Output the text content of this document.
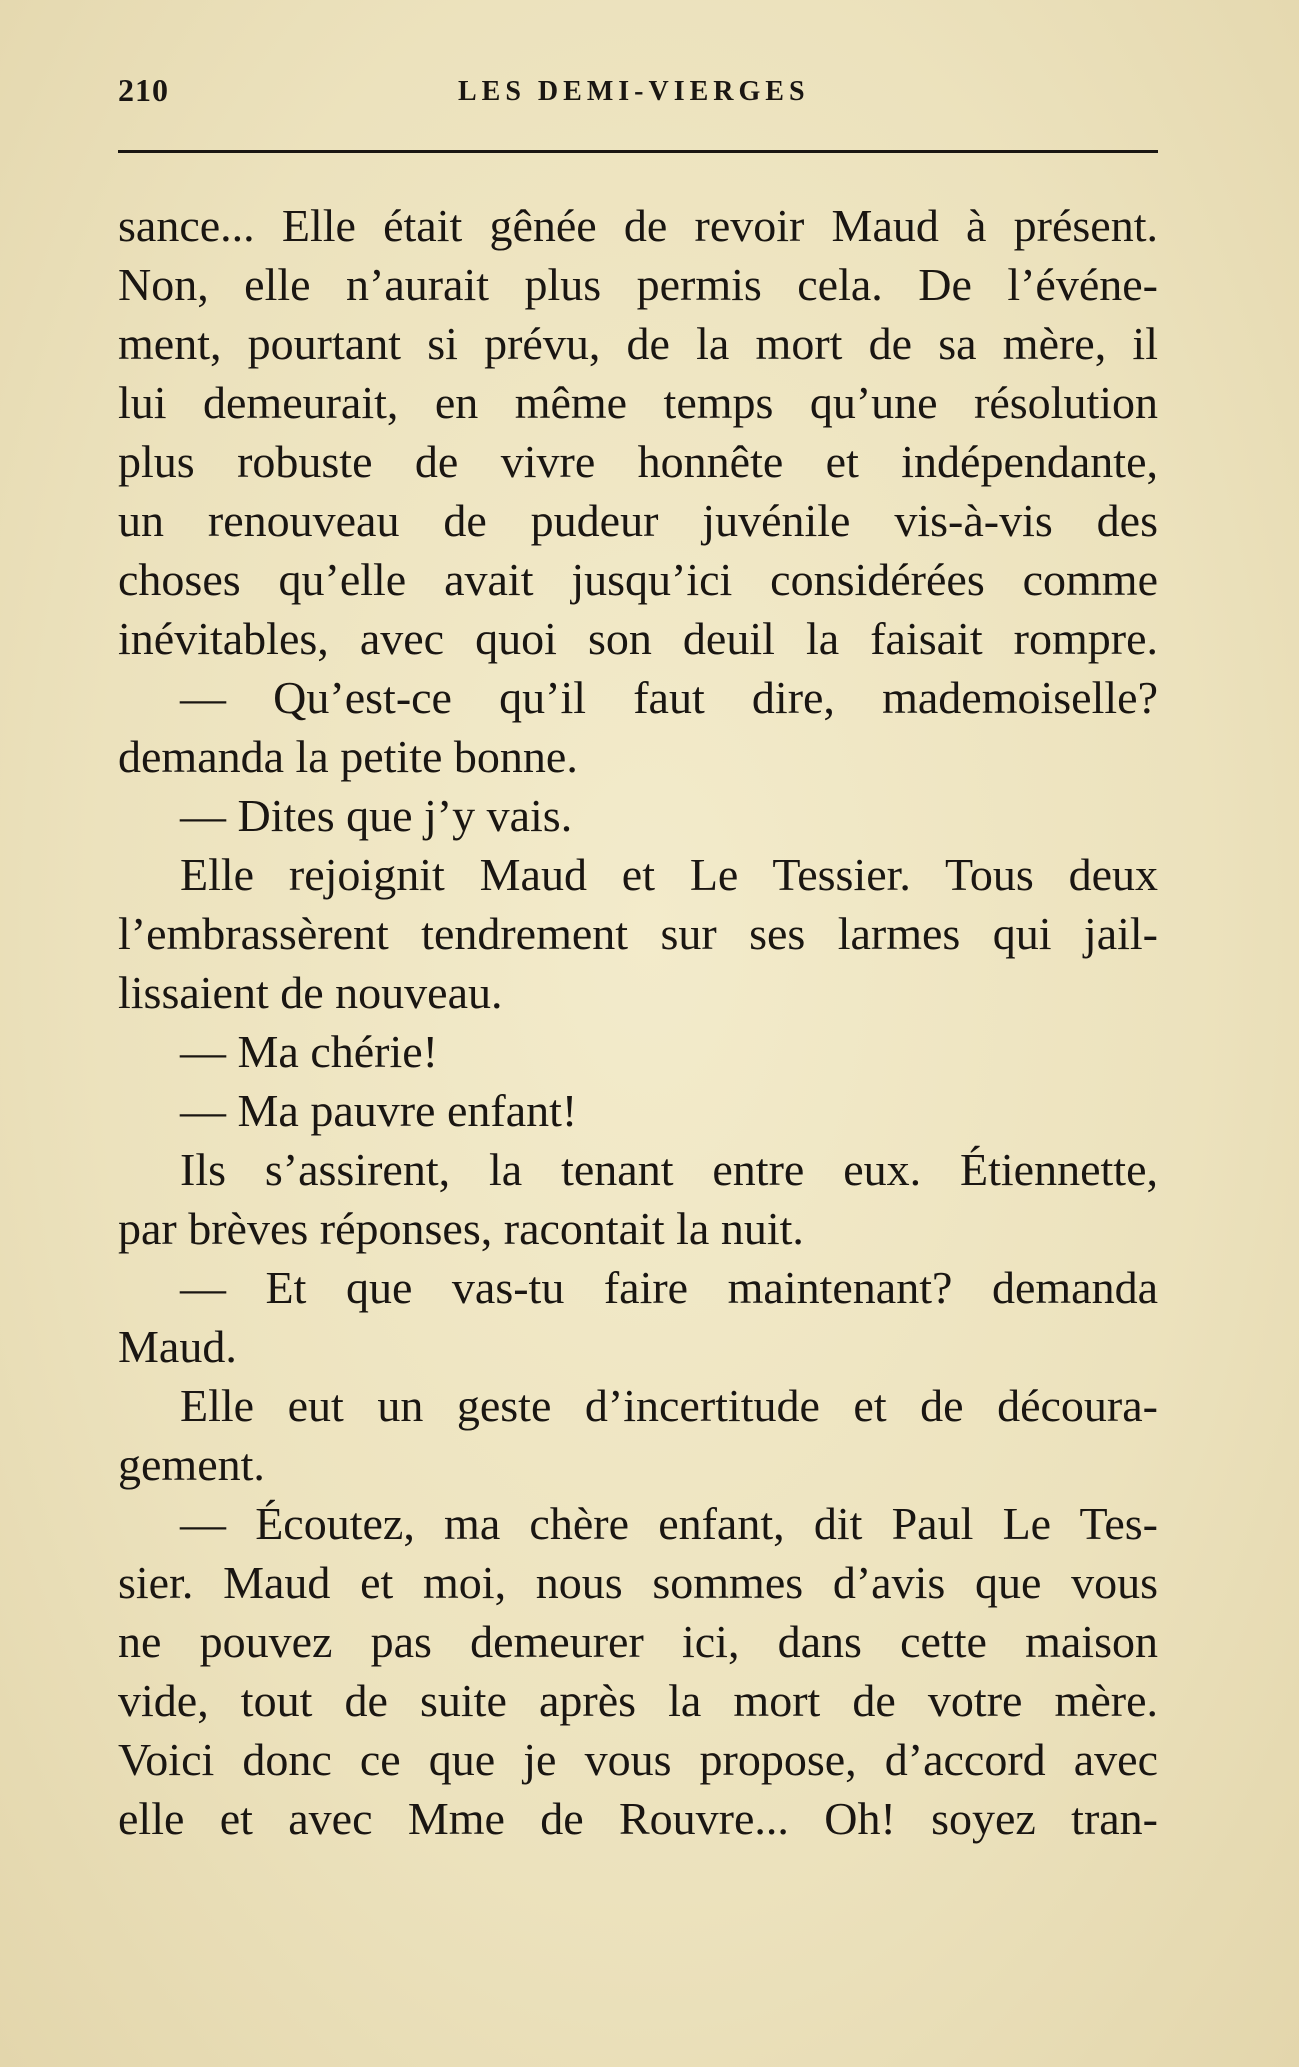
210	LES DEMI-VIERGES
sance... Elle était gênée de revoir Maud à présent.
Non, elle n’aurait plus permis cela. De l’événe-
ment, pourtant si prévu, de la mort de sa mère, il
lui demeurait, en même temps qu’une résolution
plus robuste de vivre honnête et indépendante,
un renouveau de pudeur juvénile vis-à-vis des
choses qu’elle avait jusqu’ici considérées comme
inévitables, avec quoi son deuil la faisait rompre.
— Qu’est-ce qu’il faut dire, mademoiselle?
demanda la petite bonne.
— Dites que j’y vais.
Elle rejoignit Maud et Le Tessier. Tous deux
l’embrassèrent tendrement sur ses larmes qui jail-
lissaient de nouveau.
— Ma chérie!
— Ma pauvre enfant!
Ils s’assirent, la tenant entre eux. Étiennette,
par brèves réponses, racontait la nuit.
— Et que vas-tu faire maintenant? demanda
Maud.
Elle eut un geste d’incertitude et de découra-
gement.
— Écoutez, ma chère enfant, dit Paul Le Tes-
sier. Maud et moi, nous sommes d’avis que vous
ne pouvez pas demeurer ici, dans cette maison
vide, tout de suite après la mort de votre mère.
Voici donc ce que je vous propose, d’accord avec
elle et avec Mme de Rouvre... Oh! soyez tran-
